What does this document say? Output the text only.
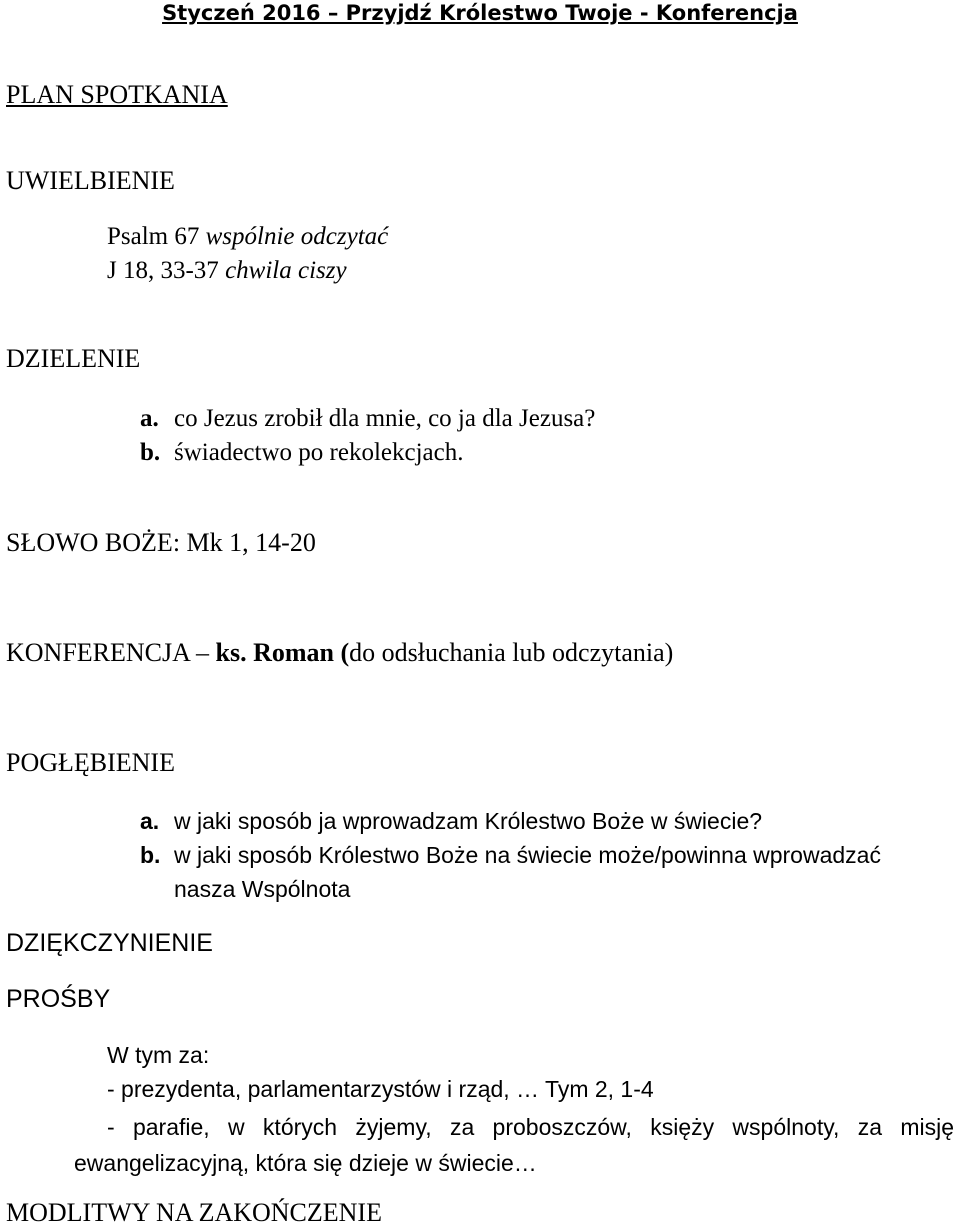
Styczeń 2016 – Przyjdź Królestwo Twoje - Konferencja
PLAN SPOTKANIA
UWIELBIENIE
Psalm 67 wspólnie odczytać
J 18, 33-37 chwila ciszy
DZIELENIE
a. co Jezus zrobił dla mnie, co ja dla Jezusa?
b. świadectwo po rekolekcjach.
SŁOWO BOŻE: Mk 1, 14-20
KONFERENCJA – ks. Roman (do odsłuchania lub odczytania)
POGŁĘBIENIE
a. w jaki sposób ja wprowadzam Królestwo Boże w świecie?
b. w jaki sposób Królestwo Boże na świecie może/powinna wprowadzać
nasza Wspólnota
DZIĘKCZYNIENIE
PROŚBY
W tym za:
- prezydenta, parlamentarzystów i rząd, … Tym 2, 1-4
- parafie, w których żyjemy, za proboszczów, księży wspólnoty, za misję
ewangelizacyjną, która się dzieje w świecie…
MODLITWY NA ZAKOŃCZENIE
